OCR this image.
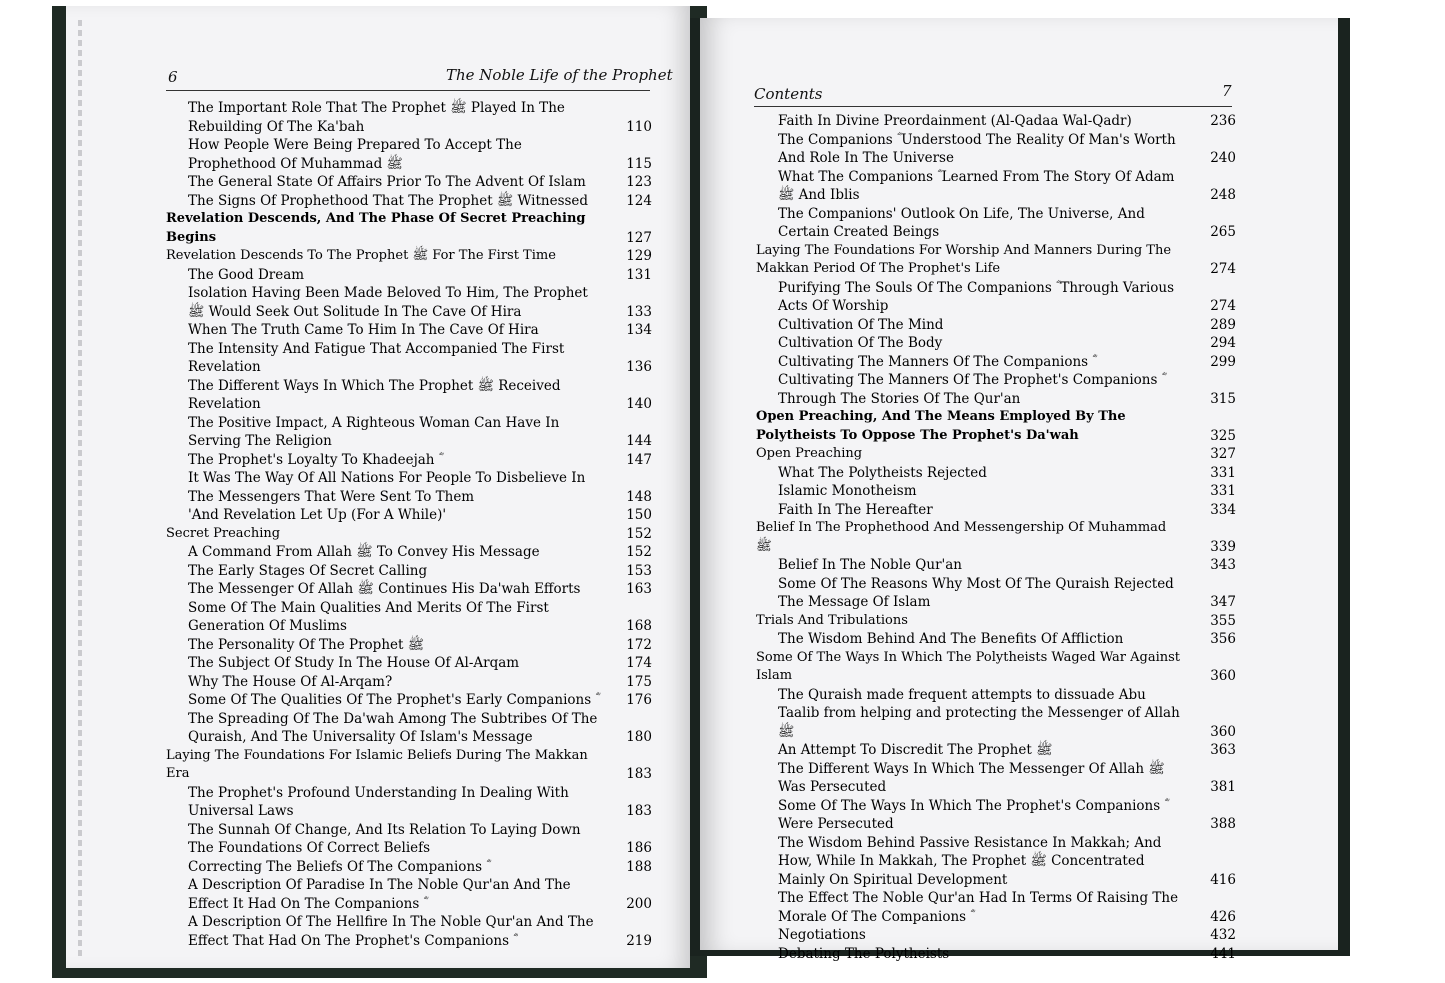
6	The Noble Life of the Prophet
The Important Role That The Prophet ﷺ Played In The Rebuilding Of The Ka'bah	110
How People Were Being Prepared To Accept The Prophethood Of Muhammad ﷺ	115
The General State Of Affairs Prior To The Advent Of Islam	123
The Signs Of Prophethood That The Prophet ﷺ Witnessed	124
Revelation Descends, And The Phase Of Secret Preaching Begins	127
Revelation Descends To The Prophet ﷺ For The First Time	129
The Good Dream	131
Isolation Having Been Made Beloved To Him, The Prophet ﷺ Would Seek Out Solitude In The Cave Of Hira	133
When The Truth Came To Him In The Cave Of Hira	134
The Intensity And Fatigue That Accompanied The First Revelation	136
The Different Ways In Which The Prophet ﷺ Received Revelation	140
The Positive Impact, A Righteous Woman Can Have In Serving The Religion	144
The Prophet's Loyalty To Khadeejah ؓ	147
It Was The Way Of All Nations For People To Disbelieve In The Messengers That Were Sent To Them	148
'And Revelation Let Up (For A While)'	150
Secret Preaching	152
A Command From Allah ﷺ To Convey His Message	152
The Early Stages Of Secret Calling	153
The Messenger Of Allah ﷺ Continues His Da'wah Efforts	163
Some Of The Main Qualities And Merits Of The First Generation Of Muslims	168
The Personality Of The Prophet ﷺ	172
The Subject Of Study In The House Of Al-Arqam	174
Why The House Of Al-Arqam?	175
Some Of The Qualities Of The Prophet's Early Companions ؓ	176
The Spreading Of The Da'wah Among The Subtribes Of The Quraish, And The Universality Of Islam's Message	180
Laying The Foundations For Islamic Beliefs During The Makkan Era	183
The Prophet's Profound Understanding In Dealing With Universal Laws	183
The Sunnah Of Change, And Its Relation To Laying Down The Foundations Of Correct Beliefs	186
Correcting The Beliefs Of The Companions ؓ	188
A Description Of Paradise In The Noble Qur'an And The Effect It Had On The Companions ؓ	200
A Description Of The Hellfire In The Noble Qur'an And The Effect That Had On The Prophet's Companions ؓ	219
Contents	7
Faith In Divine Preordainment (Al-Qadaa Wal-Qadr)	236
The Companions ؓ Understood The Reality Of Man's Worth And Role In The Universe	240
What The Companions ؓ Learned From The Story Of Adam ﷺ And Iblis	248
The Companions' Outlook On Life, The Universe, And Certain Created Beings	265
Laying The Foundations For Worship And Manners During The Makkan Period Of The Prophet's Life	274
Purifying The Souls Of The Companions ؓ Through Various Acts Of Worship	274
Cultivation Of The Mind	289
Cultivation Of The Body	294
Cultivating The Manners Of The Companions ؓ	299
Cultivating The Manners Of The Prophet's Companions ؓ Through The Stories Of The Qur'an	315
Open Preaching, And The Means Employed By The Polytheists To Oppose The Prophet's Da'wah	325
Open Preaching	327
What The Polytheists Rejected	331
Islamic Monotheism	331
Faith In The Hereafter	334
Belief In The Prophethood And Messengership Of Muhammad ﷺ	339
Belief In The Noble Qur'an	343
Some Of The Reasons Why Most Of The Quraish Rejected The Message Of Islam	347
Trials And Tribulations	355
The Wisdom Behind And The Benefits Of Affliction	356
Some Of The Ways In Which The Polytheists Waged War Against Islam	360
The Quraish made frequent attempts to dissuade Abu Taalib from helping and protecting the Messenger of Allah ﷺ	360
An Attempt To Discredit The Prophet ﷺ	363
The Different Ways In Which The Messenger Of Allah ﷺ Was Persecuted	381
Some Of The Ways In Which The Prophet's Companions ؓ Were Persecuted	388
The Wisdom Behind Passive Resistance In Makkah; And How, While In Makkah, The Prophet ﷺ Concentrated Mainly On Spiritual Development	416
The Effect The Noble Qur'an Had In Terms Of Raising The Morale Of The Companions ؓ	426
Negotiations	432
Debating The Polytheists	441
